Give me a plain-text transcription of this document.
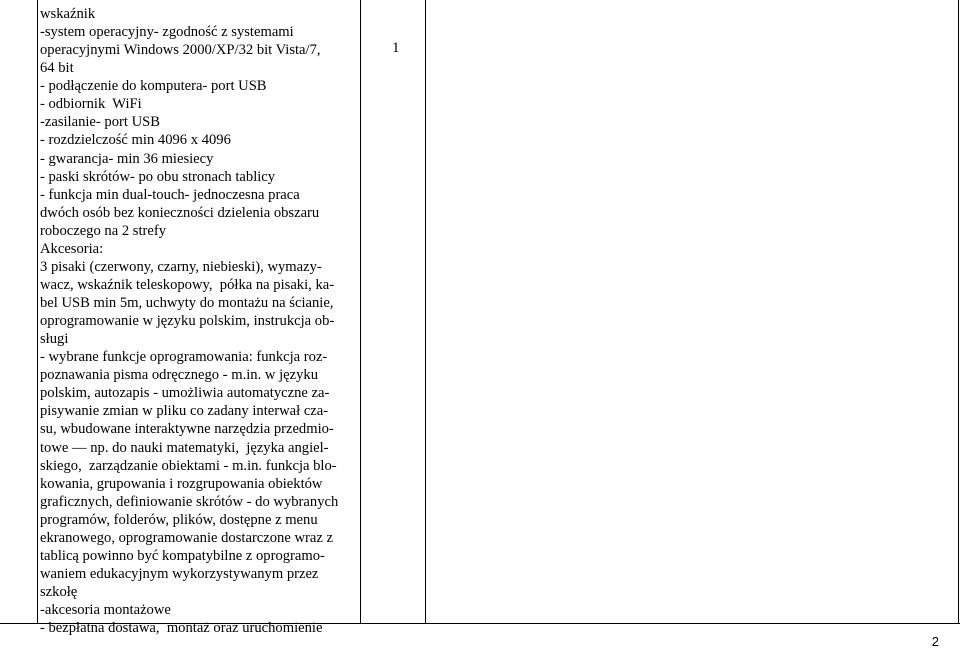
wskaźnik
-system operacyjny- zgodność z systemami
operacyjnymi Windows 2000/XP/32 bit Vista/7,
64 bit
- podłączenie do komputera- port USB
- odbiornik  WiFi
-zasilanie- port USB
- rozdzielczość min 4096 x 4096
- gwarancja- min 36 miesiecy
- paski skrótów- po obu stronach tablicy
- funkcja min dual-touch- jednoczesna praca
dwóch osób bez konieczności dzielenia obszaru
roboczego na 2 strefy
Akcesoria:
3 pisaki (czerwony, czarny, niebieski), wymazy-
wacz, wskaźnik teleskopowy,  półka na pisaki, ka-
bel USB min 5m, uchwyty do montażu na ścianie,
oprogramowanie w języku polskim, instrukcja ob-
sługi
- wybrane funkcje oprogramowania: funkcja roz-
poznawania pisma odręcznego - m.in. w języku
polskim, autozapis - umożliwia automatyczne za-
pisywanie zmian w pliku co zadany interwał cza-
su, wbudowane interaktywne narzędzia przedmio-
towe — np. do nauki matematyki,  języka angiel-
skiego,  zarządzanie obiektami - m.in. funkcja blo-
kowania, grupowania i rozgrupowania obiektów
graficznych, definiowanie skrótów - do wybranych
programów, folderów, plików, dostępne z menu
ekranowego, oprogramowanie dostarczone wraz z
tablicą powinno być kompatybilne z oprogramo-
waniem edukacyjnym wykorzystywanym przez
szkołę
-akcesoria montażowe
- bezpłatna dostawa,  montaż oraz uruchomienie
1
2
